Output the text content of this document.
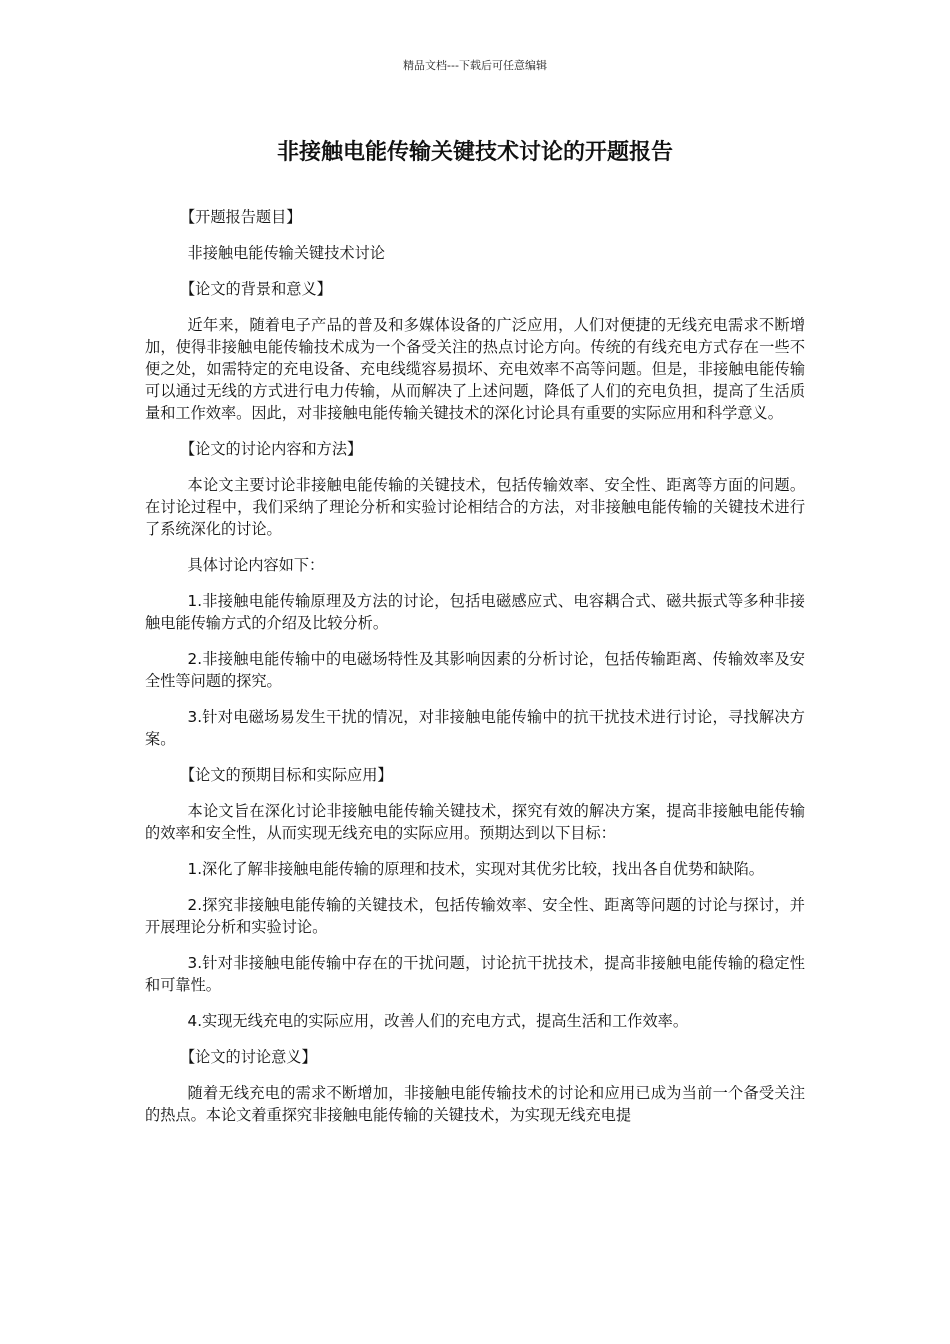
精品文档---下载后可任意编辑
非接触电能传输关键技术讨论的开题报告

【开题报告题目】

非接触电能传输关键技术讨论

【论文的背景和意义】

近年来，随着电子产品的普及和多媒体设备的广泛应用，人们对便捷的无线充电需求不断增加，使得非接触电能传输技术成为一个备受关注的热点讨论方向。传统的有线充电方式存在一些不便之处，如需特定的充电设备、充电线缆容易损坏、充电效率不高等问题。但是，非接触电能传输可以通过无线的方式进行电力传输，从而解决了上述问题，降低了人们的充电负担，提高了生活质量和工作效率。因此，对非接触电能传输关键技术的深化讨论具有重要的实际应用和科学意义。

【论文的讨论内容和方法】

本论文主要讨论非接触电能传输的关键技术，包括传输效率、安全性、距离等方面的问题。在讨论过程中，我们采纳了理论分析和实验讨论相结合的方法，对非接触电能传输的关键技术进行了系统深化的讨论。

具体讨论内容如下：

1.非接触电能传输原理及方法的讨论，包括电磁感应式、电容耦合式、磁共振式等多种非接触电能传输方式的介绍及比较分析。

2.非接触电能传输中的电磁场特性及其影响因素的分析讨论，包括传输距离、传输效率及安全性等问题的探究。

3.针对电磁场易发生干扰的情况，对非接触电能传输中的抗干扰技术进行讨论，寻找解决方案。

【论文的预期目标和实际应用】

本论文旨在深化讨论非接触电能传输关键技术，探究有效的解决方案，提高非接触电能传输的效率和安全性，从而实现无线充电的实际应用。预期达到以下目标：

1.深化了解非接触电能传输的原理和技术，实现对其优劣比较，找出各自优势和缺陷。

2.探究非接触电能传输的关键技术，包括传输效率、安全性、距离等问题的讨论与探讨，并开展理论分析和实验讨论。

3.针对非接触电能传输中存在的干扰问题，讨论抗干扰技术，提高非接触电能传输的稳定性和可靠性。

4.实现无线充电的实际应用，改善人们的充电方式，提高生活和工作效率。

【论文的讨论意义】

随着无线充电的需求不断增加，非接触电能传输技术的讨论和应用已成为当前一个备受关注的热点。本论文着重探究非接触电能传输的关键技术，为实现无线充电提
